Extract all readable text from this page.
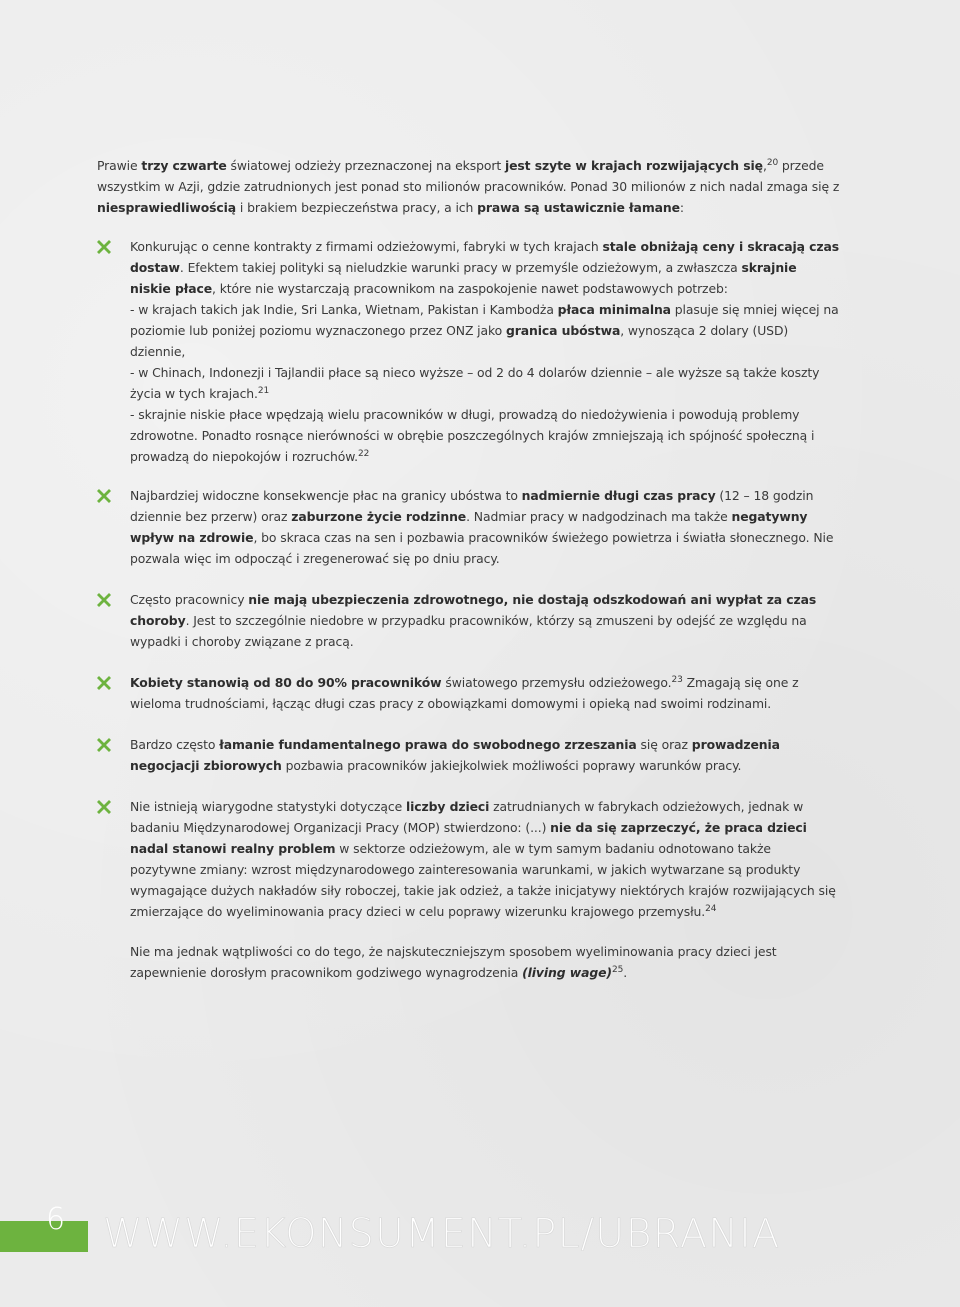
Prawie trzy czwarte światowej odzieży przeznaczonej na eksport jest szyte w krajach rozwijających się,$^{20}$ przede wszystkim w Azji, gdzie zatrudnionych jest ponad sto milionów pracowników. Ponad 30 milionów z nich nadal zmaga się z niesprawiedliwością i brakiem bezpieczeństwa pracy, a ich prawa są ustawicznie łamane:

Konkurując o cenne kontrakty z firmami odzieżowymi, fabryki w tych krajach stale obniżają ceny i skracają czas dostaw. Efektem takiej polityki są nieludzkie warunki pracy w przemyśle odzieżowym, a zwłaszcza skrajnie niskie płace, które nie wystarczają pracownikom na zaspokojenie nawet podstawowych potrzeb:

- w krajach takich jak Indie, Sri Lanka, Wietnam, Pakistan i Kambodża płaca minimalna plasuje się mniej więcej na poziomie lub poniżej poziomu wyznaczonego przez ONZ jako granica ubóstwa, wynosząca 2 dolary (USD) dziennie,

- w Chinach, Indonezji i Tajlandii płace są nieco wyższe – od 2 do 4 dolarów dziennie – ale wyższe są także koszty życia w tych krajach.$^{21}$

- skrajnie niskie płace wpędzają wielu pracowników w długi, prowadzą do niedożywienia i powodują problemy zdrowotne. Ponadto rosnące nierówności w obrębie poszczególnych krajów zmniejszają ich spójność społeczną i prowadzą do niepokojów i rozruchów.$^{22}$

Najbardziej widoczne konsekwencje płac na granicy ubóstwa to nadmiernie długi czas pracy (12 – 18 godzin dziennie bez przerw) oraz zaburzone życie rodzinne. Nadmiar pracy w nadgodzinach ma także negatywny wpływ na zdrowie, bo skraca czas na sen i pozbawia pracowników świeżego powietrza i światła słonecznego. Nie pozwala więc im odpocząć i zregenerować się po dniu pracy.

Często pracownicy nie mają ubezpieczenia zdrowotnego, nie dostają odszkodowań ani wypłat za czas choroby. Jest to szczególnie niedobre w przypadku pracowników, którzy są zmuszeni by odejść ze względu na wypadki i choroby związane z pracą.

Kobiety stanowią od 80 do 90% pracowników światowego przemysłu odzieżowego.$^{23}$ Zmagają się one z wieloma trudnościami, łącząc długi czas pracy z obowiązkami domowymi i opieką nad swoimi rodzinami.

Bardzo często łamanie fundamentalnego prawa do swobodnego zrzeszania się oraz prowadzenia negocjacji zbiorowych pozbawia pracowników jakiejkolwiek możliwości poprawy warunków pracy.

Nie istnieją wiarygodne statystyki dotyczące liczby dzieci zatrudnianych w fabrykach odzieżowych, jednak w badaniu Międzynarodowej Organizacji Pracy (MOP) stwierdzono: (...) nie da się zaprzeczyć, że praca dzieci nadal stanowi realny problem w sektorze odzieżowym, ale w tym samym badaniu odnotowano także pozytywne zmiany: wzrost międzynarodowego zainteresowania warunkami, w jakich wytwarzane są produkty wymagające dużych nakładów siły roboczej, takie jak odzież, a także inicjatywy niektórych krajów rozwijających się zmierzające do wyeliminowania pracy dzieci w celu poprawy wizerunku krajowego przemysłu.$^{24}$

Nie ma jednak wątpliwości co do tego, że najskuteczniejszym sposobem wyeliminowania pracy dzieci jest zapewnienie dorosłym pracownikom godziwego wynagrodzenia (living wage)$^{25}$.

6 WWW.EKONSUMENT.PL/UBRANIA
